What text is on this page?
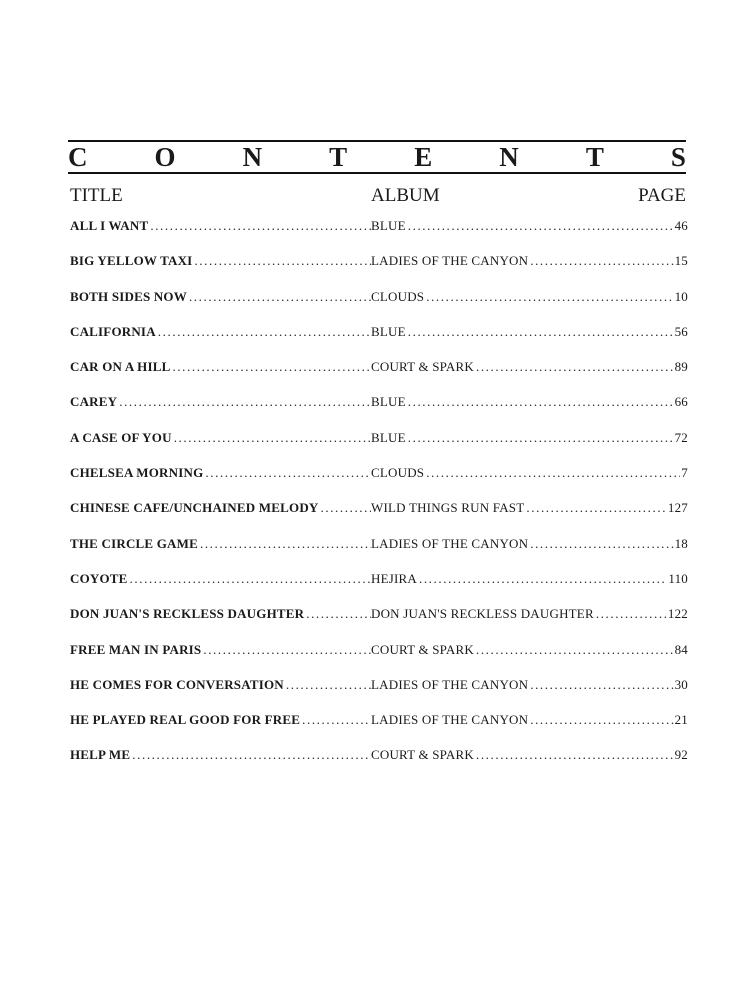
C O N T E N T S
TITLE	ALBUM	PAGE
ALL I WANT .....	BLUE .....	46
BIG YELLOW TAXI .....	LADIES OF THE CANYON .....	15
BOTH SIDES NOW .....	CLOUDS .....	10
CALIFORNIA .....	BLUE .....	56
CAR ON A HILL .....	COURT & SPARK .....	89
CAREY .....	BLUE .....	66
A CASE OF YOU .....	BLUE .....	72
CHELSEA MORNING .....	CLOUDS .....	7
CHINESE CAFE/UNCHAINED MELODY .....	WILD THINGS RUN FAST .....	127
THE CIRCLE GAME .....	LADIES OF THE CANYON .....	18
COYOTE .....	HEJIRA .....	110
DON JUAN'S RECKLESS DAUGHTER .....	DON JUAN'S RECKLESS DAUGHTER .....	122
FREE MAN IN PARIS .....	COURT & SPARK .....	84
HE COMES FOR CONVERSATION .....	LADIES OF THE CANYON .....	30
HE PLAYED REAL GOOD FOR FREE .....	LADIES OF THE CANYON .....	21
HELP ME .....	COURT & SPARK .....	92
